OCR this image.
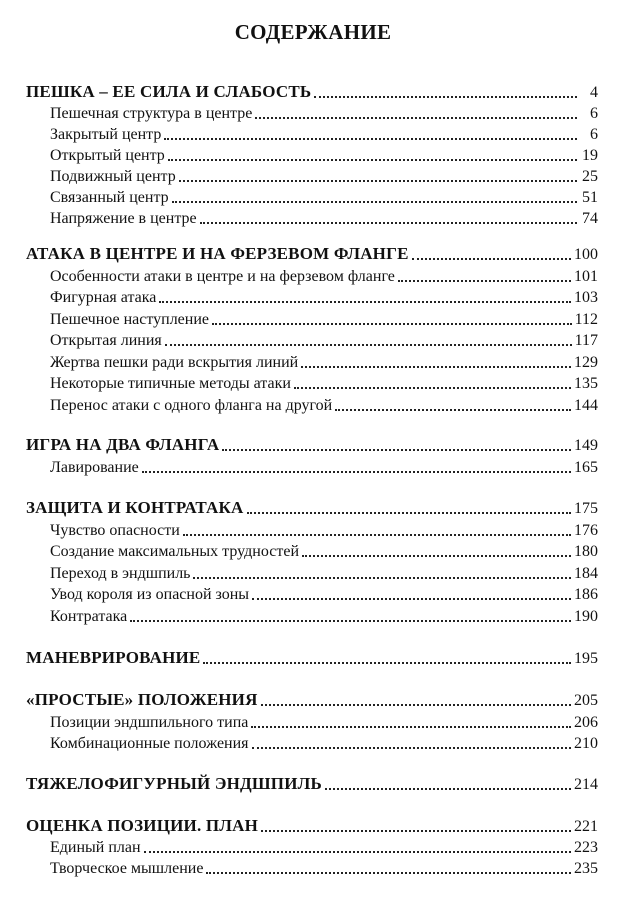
СОДЕРЖАНИЕ
ПЕШКА – ЕЕ СИЛА И СЛАБОСТЬ	4
Пешечная структура в центре	6
Закрытый центр	6
Открытый центр	19
Подвижный центр	25
Связанный центр	51
Напряжение в центре	74
АТАКА В ЦЕНТРЕ И НА ФЕРЗЕВОМ ФЛАНГЕ	100
Особенности атаки в центре и на ферзевом фланге	101
Фигурная атака	103
Пешечное наступление	112
Открытая линия	117
Жертва пешки ради вскрытия линий	129
Некоторые типичные методы атаки	135
Перенос атаки с одного фланга на другой	144
ИГРА НА ДВА ФЛАНГА	149
Лавирование	165
ЗАЩИТА И КОНТРАТАКА	175
Чувство опасности	176
Создание максимальных трудностей	180
Переход в эндшпиль	184
Увод короля из опасной зоны	186
Контратака	190
МАНЕВРИРОВАНИЕ	195
«ПРОСТЫЕ» ПОЛОЖЕНИЯ	205
Позиции эндшпильного типа	206
Комбинационные положения	210
ТЯЖЕЛОФИГУРНЫЙ ЭНДШПИЛЬ	214
ОЦЕНКА ПОЗИЦИИ. ПЛАН	221
Единый план	223
Творческое мышление	235
